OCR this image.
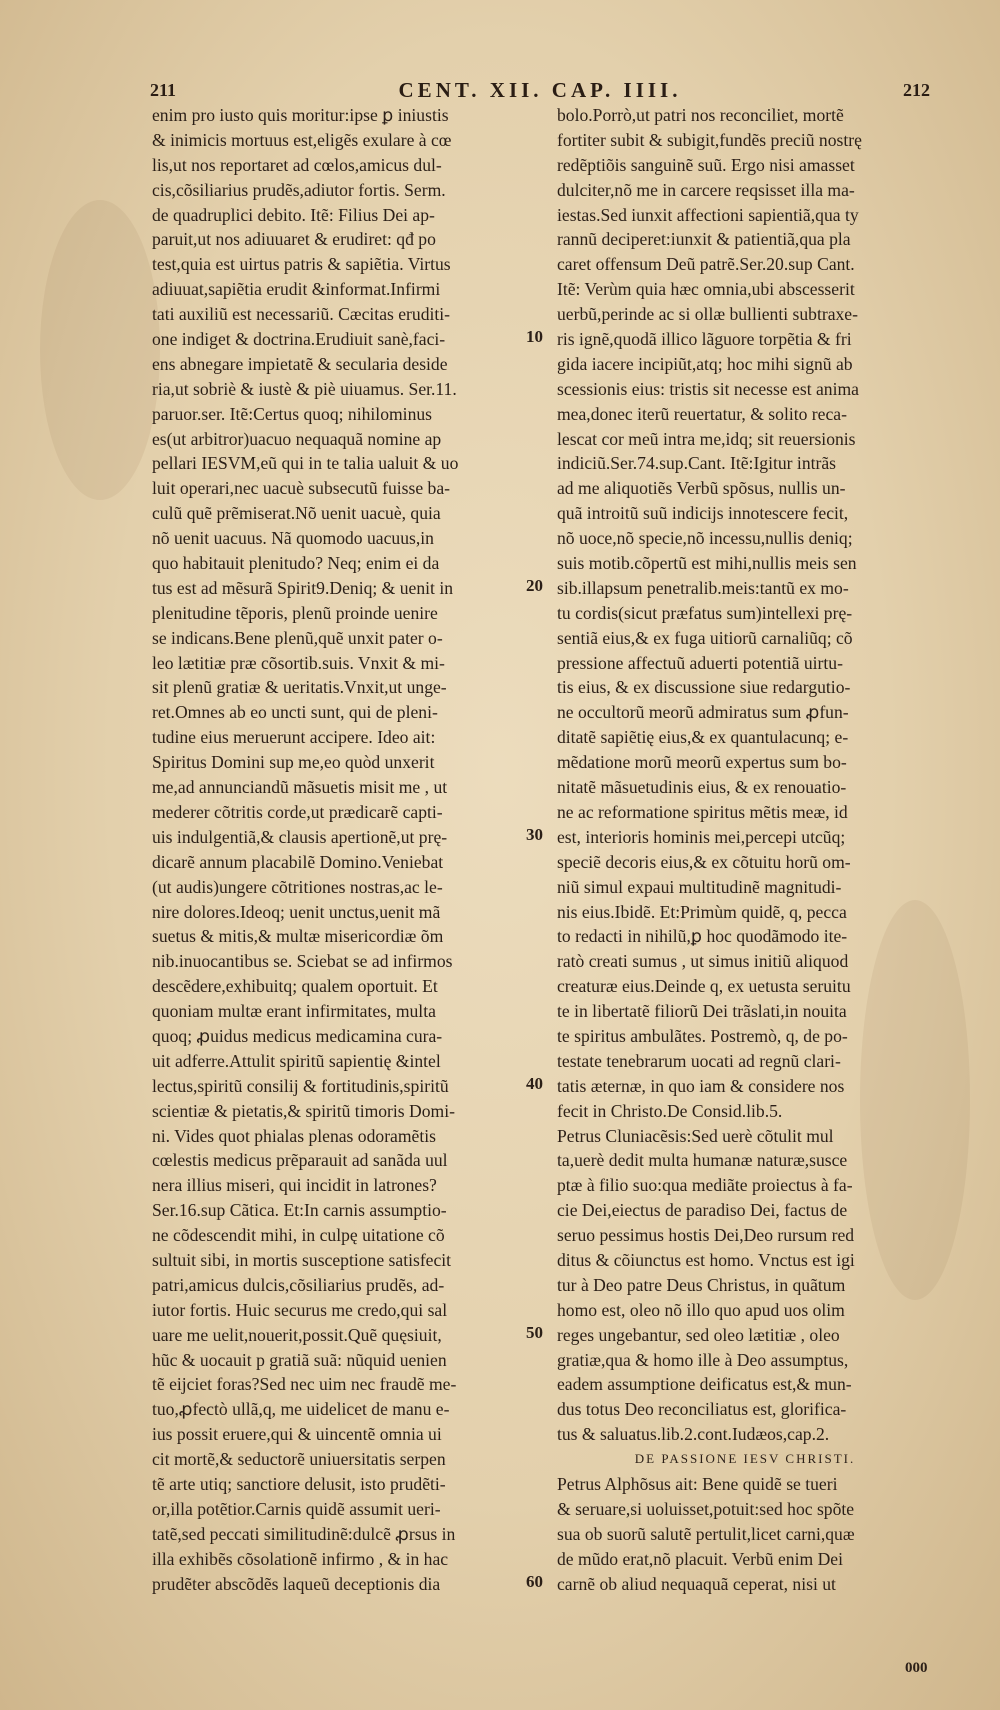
211	CENT. XII. CAP. IIII.	212
enim pro iusto quis moritur:ipse ꝑ iniustis
& inimicis mortuus est,eligẽs exulare à cœ
lis,ut nos reportaret ad cœlos,amicus dul-
cis,cõsiliarius prudẽs,adiutor fortis. Serm.
de quadruplici debito. Itẽ: Filius Dei ap-
paruit,ut nos adiuuaret & erudiret: qđ po
test,quia est uirtus patris & sapiẽtia. Virtus
adiuuat,sapiẽtia erudit &informat.Infirmi
tati auxiliũ est necessariũ. Cæcitas eruditi-
one indiget & doctrina.Erudiuit sanè,faci-
ens abnegare impietatẽ & secularia deside
ria,ut sobriè & iustè & piè uiuamus. Ser.11.
paruor.ser. Itẽ:Certus quoq; nihilominus
es(ut arbitror)uacuo nequaquã nomine ap
pellari IESVM,eũ qui in te talia ualuit & uo
luit operari,nec uacuè subsecutũ fuisse ba-
culũ quẽ prẽmiserat.Nõ uenit uacuè, quia
nõ uenit uacuus. Nã quomodo uacuus,in
quo habitauit plenitudo? Neq; enim ei da
tus est ad mẽsurã Spirit9.Deniq; & uenit in
plenitudine tẽporis, plenũ proinde uenire
se indicans.Bene plenũ,quẽ unxit pater o-
leo lætitiæ præ cõsortib.suis. Vnxit & mi-
sit plenũ gratiæ & ueritatis.Vnxit,ut unge-
ret.Omnes ab eo uncti sunt, qui de pleni-
tudine eius meruerunt accipere. Ideo ait:
Spiritus Domini sup me,eo quòd unxerit
me,ad annunciandũ mãsuetis misit me , ut
mederer cõtritis corde,ut prædicarẽ capti-
uis indulgentiã,& clausis apertionẽ,ut prę-
dicarẽ annum placabilẽ Domino.Veniebat
(ut audis)ungere cõtritiones nostras,ac le-
nire dolores.Ideoq; uenit unctus,uenit mã
suetus & mitis,& multæ misericordiæ õm
nib.inuocantibus se. Sciebat se ad infirmos
descẽdere,exhibuitq; qualem oportuit. Et
quoniam multæ erant infirmitates, multa
quoq; ꝓuidus medicus medicamina cura-
uit adferre.Attulit spiritũ sapientię &intel
lectus,spiritũ consilij & fortitudinis,spiritũ
scientiæ & pietatis,& spiritũ timoris Domi-
ni. Vides quot phialas plenas odoramẽtis
cœlestis medicus prẽparauit ad sanãda uul
nera illius miseri, qui incidit in latrones?
Ser.16.sup Cãtica. Et:In carnis assumptio-
ne cõdescendit mihi, in culpę uitatione cõ
sultuit sibi, in mortis susceptione satisfecit
patri,amicus dulcis,cõsiliarius prudẽs, ad-
iutor fortis. Huic securus me credo,qui sal
uare me uelit,nouerit,possit.Quẽ quęsiuit,
hũc & uocauit p gratiã suã: nũquid uenien
tẽ eijciet foras?Sed nec uim nec fraudẽ me-
tuo,ꝓfectò ullã,q, me uidelicet de manu e-
ius possit eruere,qui & uincentẽ omnia ui
cit mortẽ,& seductorẽ uniuersitatis serpen
tẽ arte utiq; sanctiore delusit, isto prudẽti-
or,illa potẽtior.Carnis quidẽ assumit ueri-
tatẽ,sed peccati similitudinẽ:dulcẽ ꝓrsus in
illa exhibẽs cõsolationẽ infirmo , & in hac
prudẽter abscõdẽs laqueũ deceptionis dia
10
20
30
40
50
60
bolo.Porrò,ut patri nos reconciliet, mortẽ
fortiter subit & subigit,fundẽs preciũ nostrę
redẽptiõis sanguinẽ suũ. Ergo nisi amasset
dulciter,nõ me in carcere reqsisset illa ma-
iestas.Sed iunxit affectioni sapientiã,qua ty
rannũ deciperet:iunxit & patientiã,qua pla
caret offensum Deũ patrẽ.Ser.20.sup Cant.
Itẽ: Verùm quia hæc omnia,ubi abscesserit
uerbũ,perinde ac si ollæ bullienti subtraxe-
ris ignẽ,quodã illico lãguore torpẽtia & fri
gida iacere incipiũt,atq; hoc mihi signũ ab
scessionis eius: tristis sit necesse est anima
mea,donec iterũ reuertatur, & solito reca-
lescat cor meũ intra me,idq; sit reuersionis
indiciũ.Ser.74.sup.Cant. Itẽ:Igitur intrãs
ad me aliquotiẽs Verbũ spõsus, nullis un-
quã introitũ suũ indicijs innotescere fecit,
nõ uoce,nõ specie,nõ incessu,nullis deniq;
suis motib.cõpertũ est mihi,nullis meis sen
sib.illapsum penetralib.meis:tantũ ex mo-
tu cordis(sicut præfatus sum)intellexi prę-
sentiã eius,& ex fuga uitiorũ carnaliũq; cõ
pressione affectuũ aduerti potentiã uirtu-
tis eius, & ex discussione siue redargutio-
ne occultorũ meorũ admiratus sum ꝓfun-
ditatẽ sapiẽtię eius,& ex quantulacunq; e-
mẽdatione morũ meorũ expertus sum bo-
nitatẽ mãsuetudinis eius, & ex renouatio-
ne ac reformatione spiritus mẽtis meæ, id
est, interioris hominis mei,percepi utcũq;
speciẽ decoris eius,& ex cõtuitu horũ om-
niũ simul expaui multitudinẽ magnitudi-
nis eius.Ibidẽ. Et:Primùm quidẽ, q, pecca
to redacti in nihilũ,ꝑ hoc quodãmodo ite-
ratò creati sumus , ut simus initiũ aliquod
creaturæ eius.Deinde q, ex uetusta seruitu
te in libertatẽ filiorũ Dei trãslati,in nouita
te spiritus ambulãtes. Postremò, q, de po-
testate tenebrarum uocati ad regnũ clari-
tatis æternæ, in quo iam & considere nos
fecit in Christo.De Consid.lib.5.
Petrus Cluniacẽsis:Sed uerè cõtulit mul
ta,uerè dedit multa humanæ naturæ,susce
ptæ à filio suo:qua mediãte proiectus à fa-
cie Dei,eiectus de paradiso Dei, factus de
seruo pessimus hostis Dei,Deo rursum red
ditus & cõiunctus est homo. Vnctus est igi
tur à Deo patre Deus Christus, in quãtum
homo est, oleo nõ illo quo apud uos olim
reges ungebantur, sed oleo lætitiæ , oleo
gratiæ,qua & homo ille à Deo assumptus,
eadem assumptione deificatus est,& mun-
dus totus Deo reconciliatus est, glorifica-
tus & saluatus.lib.2.cont.Iudæos,cap.2.
DE PASSIONE IESV CHRISTI.
Petrus Alphõsus ait: Bene quidẽ se tueri
& seruare,si uoluisset,potuit:sed hoc spõte
sua ob suorũ salutẽ pertulit,licet carni,quæ
de mũdo erat,nõ placuit. Verbũ enim Dei
carnẽ ob aliud nequaquã ceperat, nisi ut
000
